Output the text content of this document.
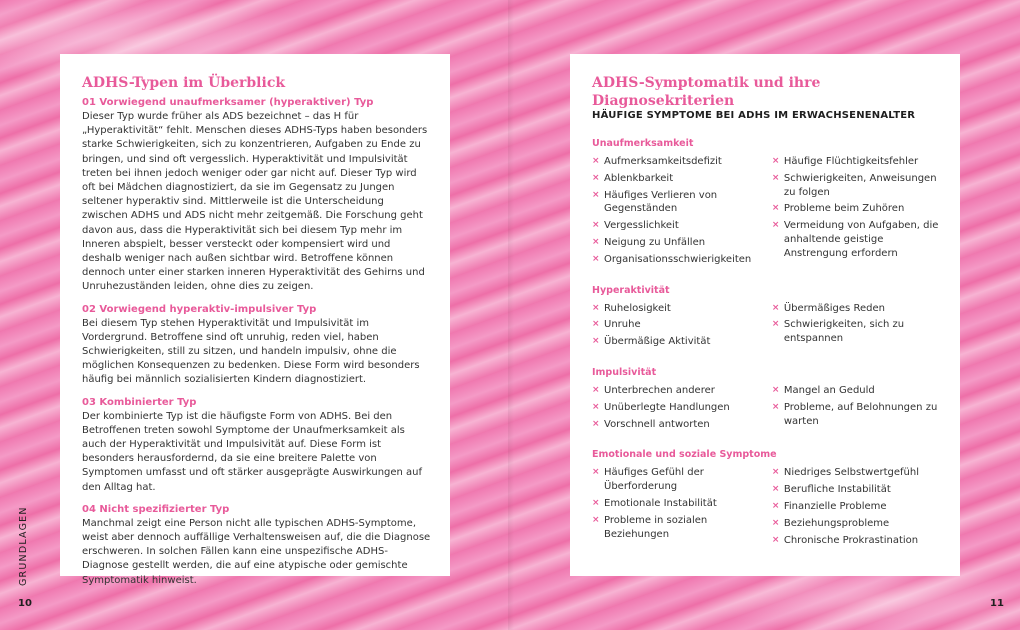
ADHS-Typen im Überblick

01 Vorwiegend unaufmerksamer (hyperaktiver) Typ

Dieser Typ wurde früher als ADS bezeichnet – das H für „Hyperaktivität“ fehlt. Menschen dieses ADHS-Typs haben besonders starke Schwierigkeiten, sich zu konzentrieren, Aufgaben zu Ende zu bringen, und sind oft vergesslich. Hyperaktivität und Impulsivität treten bei ihnen jedoch weniger oder gar nicht auf. Dieser Typ wird oft bei Mädchen diagnostiziert, da sie im Gegensatz zu Jungen seltener hyperaktiv sind. Mittlerweile ist die Unterscheidung zwischen ADHS und ADS nicht mehr zeitgemäß. Die Forschung geht davon aus, dass die Hyperaktivität sich bei diesem Typ mehr im Inneren abspielt, besser versteckt oder kompensiert wird und deshalb weniger nach außen sichtbar wird. Betroffene können dennoch unter einer starken inneren Hyperaktivität des Gehirns und Unruhezuständen leiden, ohne dies zu zeigen.

02 Vorwiegend hyperaktiv-impulsiver Typ

Bei diesem Typ stehen Hyperaktivität und Impulsivität im Vordergrund. Betroffene sind oft unruhig, reden viel, haben Schwierigkeiten, still zu sitzen, und handeln impulsiv, ohne die möglichen Konsequenzen zu bedenken. Diese Form wird besonders häufig bei männlich sozialisierten Kindern diagnostiziert.

03 Kombinierter Typ

Der kombinierte Typ ist die häufigste Form von ADHS. Bei den Betroffenen treten sowohl Symptome der Unaufmerksamkeit als auch der Hyperaktivität und Impulsivität auf. Diese Form ist besonders herausfordernd, da sie eine breitere Palette von Symptomen umfasst und oft stärker ausgeprägte Auswirkungen auf den Alltag hat.

04 Nicht spezifizierter Typ

Manchmal zeigt eine Person nicht alle typischen ADHS-Symptome, weist aber dennoch auffällige Verhaltensweisen auf, die die Diagnose erschweren. In solchen Fällen kann eine unspezifische ADHS-Diagnose gestellt werden, die auf eine atypische oder gemischte Symptomatik hinweist.

ADHS-Symptomatik und ihre Diagnosekriterien

HÄUFIGE SYMPTOME BEI ADHS IM ERWACHSENENALTER

Unaufmerksamkeit
× Aufmerksamkeitsdefizit
× Ablenkbarkeit
× Häufiges Verlieren von Gegenständen
× Vergesslichkeit
× Neigung zu Unfällen
× Organisationsschwierigkeiten
× Häufige Flüchtigkeitsfehler
× Schwierigkeiten, Anweisungen zu folgen
× Probleme beim Zuhören
× Vermeidung von Aufgaben, die anhaltende geistige Anstrengung erfordern
Hyperaktivität
× Ruhelosigkeit
× Unruhe
× Übermäßige Aktivität
× Übermäßiges Reden
× Schwierigkeiten, sich zu entspannen
Impulsivität
× Unterbrechen anderer
× Unüberlegte Handlungen
× Vorschnell antworten
× Mangel an Geduld
× Probleme, auf Belohnungen zu warten
Emotionale und soziale Symptome
× Häufiges Gefühl der Überforderung
× Emotionale Instabilität
× Probleme in sozialen Beziehungen
× Niedriges Selbstwertgefühl
× Berufliche Instabilität
× Finanzielle Probleme
× Beziehungsprobleme
× Chronische Prokrastination
GRUNDLAGEN
10	11
